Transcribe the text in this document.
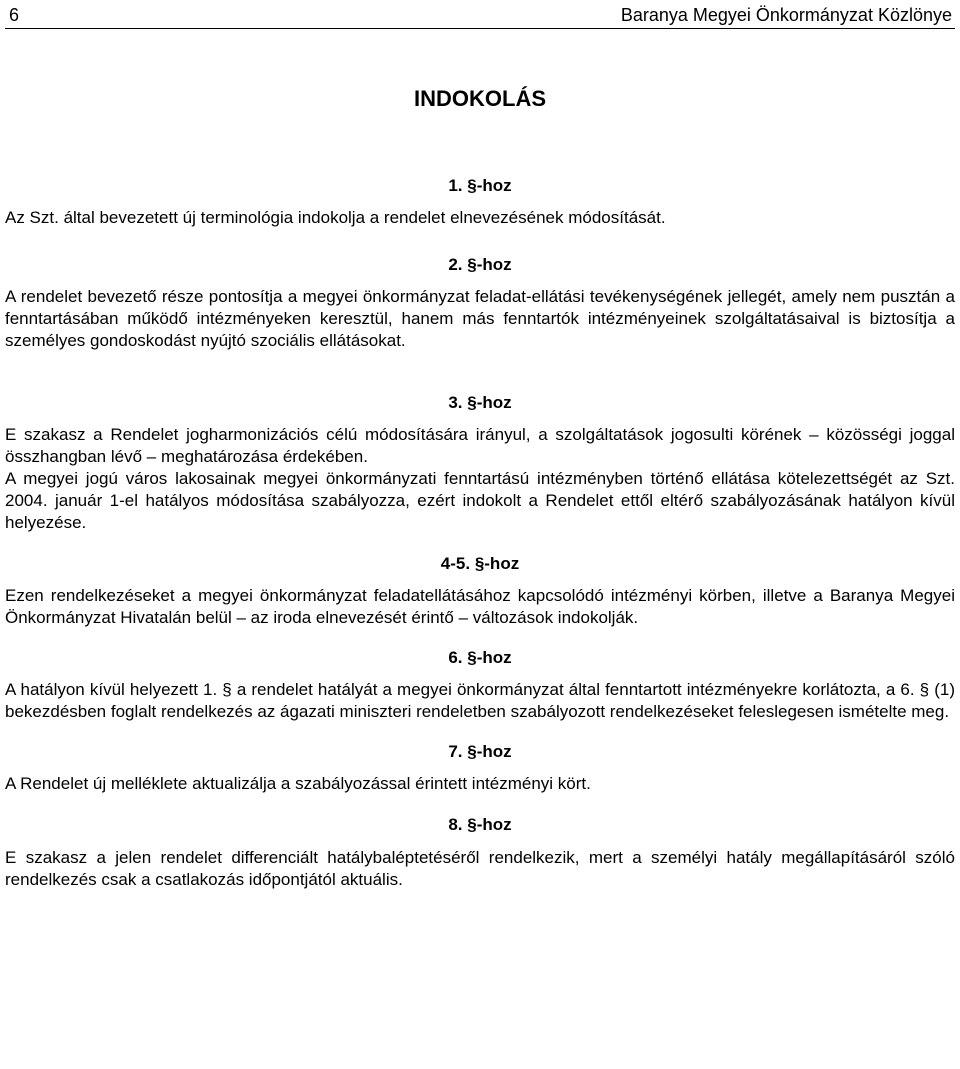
6	Baranya Megyei Önkormányzat Közlönye
INDOKOLÁS
1. §-hoz

Az Szt. által bevezetett új terminológia indokolja a rendelet elnevezésének módosítását.

2. §-hoz

A rendelet bevezető része pontosítja a megyei önkormányzat feladat-ellátási tevékenységének jellegét, amely nem pusztán a fenntartásában működő intézményeken keresztül, hanem más fenntartók intézményeinek szolgáltatásaival is biztosítja a személyes gondoskodást nyújtó szociális ellátásokat.

3. §-hoz

E szakasz a Rendelet jogharmonizációs célú módosítására irányul, a szolgáltatások jogosulti körének – közösségi joggal összhangban lévő – meghatározása érdekében.

A megyei jogú város lakosainak megyei önkormányzati fenntartású intézményben történő ellátása kötelezettségét az Szt. 2004. január 1-el hatályos módosítása szabályozza, ezért indokolt a Rendelet ettől eltérő szabályozásának hatályon kívül helyezése.

4-5. §-hoz

Ezen rendelkezéseket a megyei önkormányzat feladatellátásához kapcsolódó intézményi körben, illetve a Baranya Megyei Önkormányzat Hivatalán belül – az iroda elnevezését érintő – változások indokolják.

6. §-hoz

A hatályon kívül helyezett 1. § a rendelet hatályát a megyei önkormányzat által fenntartott intézményekre korlátozta, a 6. § (1) bekezdésben foglalt rendelkezés az ágazati miniszteri rendeletben szabályozott rendelkezéseket feleslegesen ismételte meg.

7. §-hoz

A Rendelet új melléklete aktualizálja a szabályozással érintett intézményi kört.

8. §-hoz

E szakasz a jelen rendelet differenciált hatálybaléptetéséről rendelkezik, mert a személyi hatály megállapításáról szóló rendelkezés csak a csatlakozás időpontjától aktuális.
